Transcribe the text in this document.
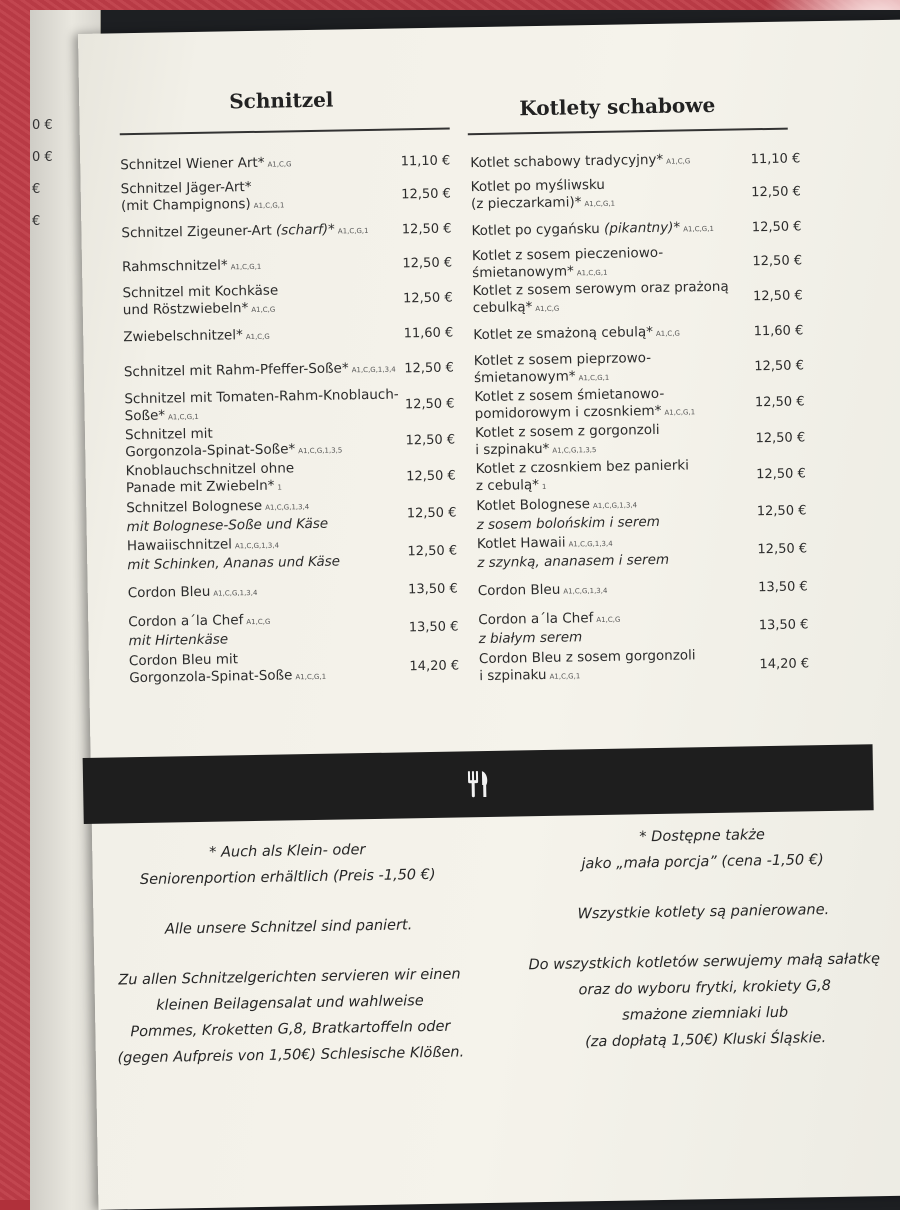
0 €
0 €
€
€
Schnitzel	Kotlety schabowe
Schnitzel Wiener Art* A1,C,G	11,10 €
Schnitzel Jäger-Art*
(mit Champignons) A1,C,G,1
12,50 €
Schnitzel Zigeuner-Art (scharf)* A1,C,G,1	12,50 €
Rahmschnitzel* A1,C,G,1	12,50 €
Schnitzel mit Kochkäse
und Röstzwiebeln* A1,C,G
12,50 €
Zwiebelschnitzel* A1,C,G	11,60 €
Schnitzel mit Rahm-Pfeffer-Soße* A1,C,G,1,3,4 12,50 €
Schnitzel mit Tomaten-Rahm-Knoblauch-
Soße* A1,C,G,1
12,50 €
Schnitzel mit
Gorgonzola-Spinat-Soße* A1,C,G,1,3,5
12,50 €
Knoblauchschnitzel ohne
Panade mit Zwiebeln* 1
12,50 €
Schnitzel Bolognese A1,C,G,1,3,4
mit Bolognese-Soße und Käse
12,50 €
Hawaiischnitzel A1,C,G,1,3,4
mit Schinken, Ananas und Käse
12,50 €
Cordon Bleu A1,C,G,1,3,4	13,50 €
Cordon a´la Chef A1,C,G
mit Hirtenkäse
13,50 €
Cordon Bleu mit
Gorgonzola-Spinat-Soße A1,C,G,1
14,20 €
Kotlet schabowy tradycyjny* A1,C,G	11,10 €
Kotlet po myśliwsku
(z pieczarkami)* A1,C,G,1
12,50 €
Kotlet po cygańsku (pikantny)* A1,C,G,1	12,50 €
Kotlet z sosem pieczeniowo-
śmietanowym* A1,C,G,1
12,50 €
Kotlet z sosem serowym oraz prażoną
cebulką* A1,C,G
12,50 €
Kotlet ze smażoną cebulą* A1,C,G	11,60 €
Kotlet z sosem pieprzowo-
śmietanowym* A1,C,G,1
12,50 €
Kotlet z sosem śmietanowo-
pomidorowym i czosnkiem* A1,C,G,1
12,50 €
Kotlet z sosem z gorgonzoli
i szpinaku* A1,C,G,1,3,5
12,50 €
Kotlet z czosnkiem bez panierki
z cebulą* 1
12,50 €
Kotlet Bolognese A1,C,G,1,3,4
z sosem bolońskim i serem
12,50 €
Kotlet Hawaii A1,C,G,1,3,4
z szynką, ananasem i serem
12,50 €
Cordon Bleu A1,C,G,1,3,4	13,50 €
Cordon a´la Chef A1,C,G
z białym serem
13,50 €
Cordon Bleu z sosem gorgonzoli
i szpinaku A1,C,G,1
14,20 €

* Auch als Klein- oder
Seniorenportion erhältlich (Preis -1,50 €)

Alle unsere Schnitzel sind paniert.

Zu allen Schnitzelgerichten servieren wir einen
kleinen Beilagensalat und wahlweise
Pommes, Kroketten G,8, Bratkartoffeln oder
(gegen Aufpreis von 1,50€) Schlesische Klößen.

* Dostępne także
jako „mała porcja” (cena -1,50 €)

Wszystkie kotlety są panierowane.

Do wszystkich kotletów serwujemy małą sałatkę
oraz do wyboru frytki, krokiety G,8
smażone ziemniaki lub
(za dopłatą 1,50€) Kluski Śląskie.
